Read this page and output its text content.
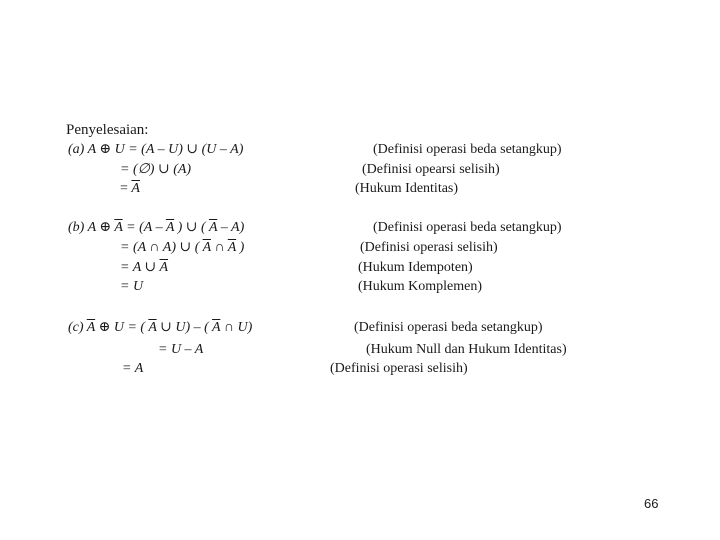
Penyelesaian:
(a) A ⊕ U = (A – U) ∪ (U – A)
= (∅) ∪ (A)
= $\overline{A}$
(Definisi operasi beda setangkup)
(Definisi opearsi selisih)
(Hukum Identitas)
(b) A ⊕ $\overline{A} = (A - \overline{A}$ ) ∪ ( $\overline{A} - A$)
= (A ∩ A) ∪ ( $\overline{A}$ ∩ $\overline{A}$ )
= A ∪ $\overline{A}$
= U
(Definisi operasi beda setangkup)
(Definisi operasi selisih)
(Hukum Idempoten)
(Hukum Komplemen)
(c) $\overline{A}$ ⊕ U = ( $\overline{A}$ ∪ U) – ( $\overline{A}$ ∩ U)
= U – A
= A
(Definisi operasi beda setangkup)
(Hukum Null dan Hukum Identitas)
(Definisi operasi selisih)
66
